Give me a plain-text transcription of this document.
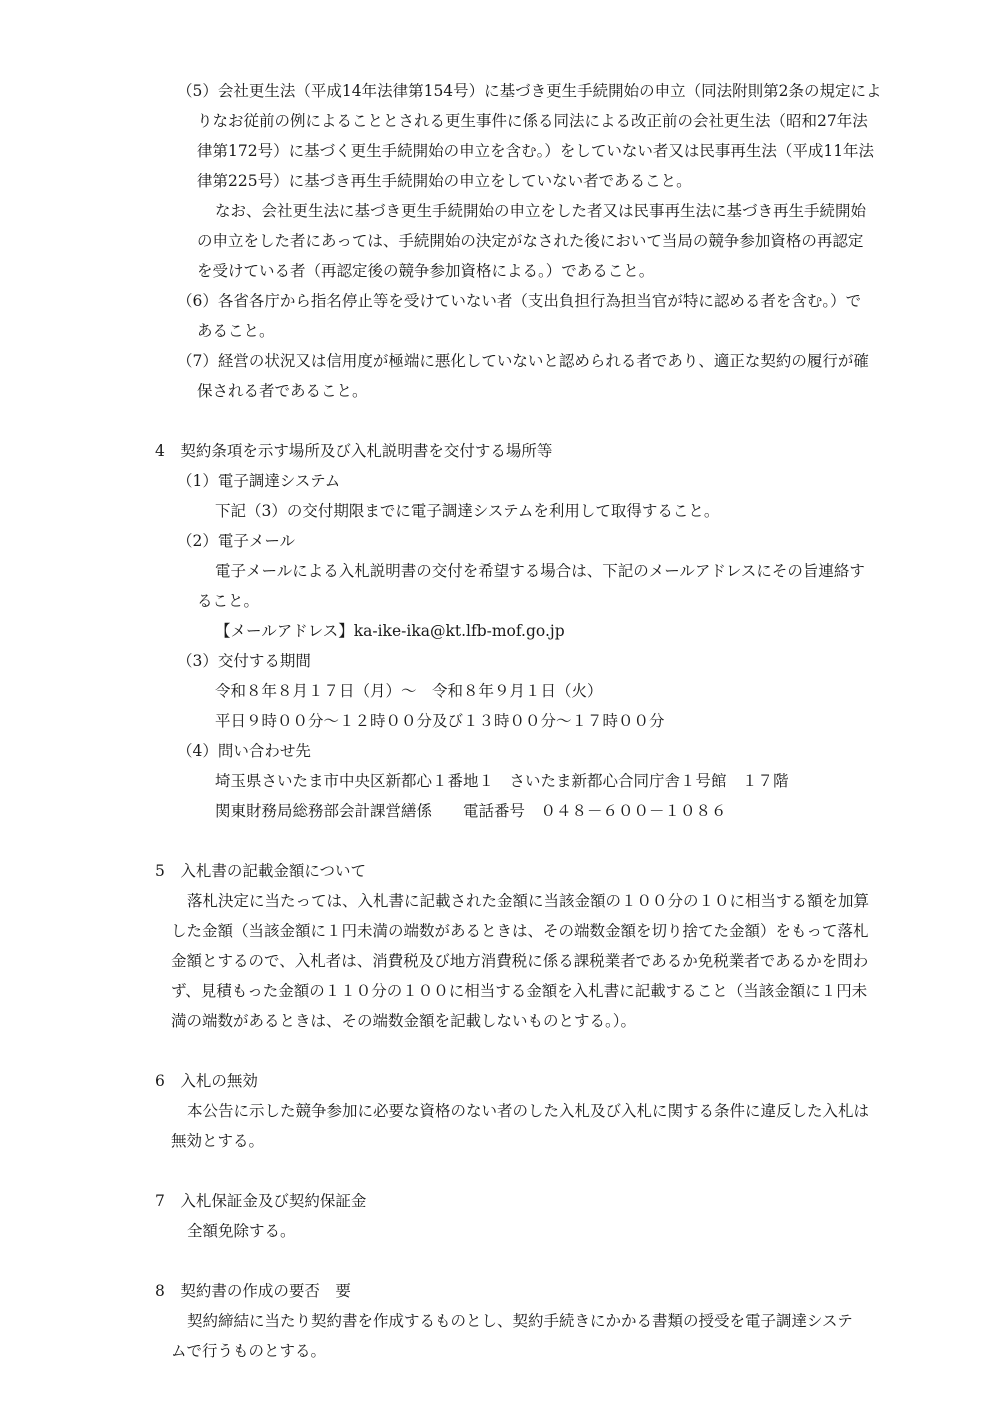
（5）会社更生法（平成14年法律第154号）に基づき更生手続開始の申立（同法附則第2条の規定によ
りなお従前の例によることとされる更生事件に係る同法による改正前の会社更生法（昭和27年法
律第172号）に基づく更生手続開始の申立を含む。）をしていない者又は民事再生法（平成11年法
律第225号）に基づき再生手続開始の申立をしていない者であること。
なお、会社更生法に基づき更生手続開始の申立をした者又は民事再生法に基づき再生手続開始
の申立をした者にあっては、手続開始の決定がなされた後において当局の競争参加資格の再認定
を受けている者（再認定後の競争参加資格による。）であること。
（6）各省各庁から指名停止等を受けていない者（支出負担行為担当官が特に認める者を含む。）で
あること。
（7）経営の状況又は信用度が極端に悪化していないと認められる者であり、適正な契約の履行が確
保される者であること。
4　契約条項を示す場所及び入札説明書を交付する場所等
（1）電子調達システム
下記（3）の交付期限までに電子調達システムを利用して取得すること。
（2）電子メール
電子メールによる入札説明書の交付を希望する場合は、下記のメールアドレスにその旨連絡す
ること。
【メールアドレス】ka-ike-ika@kt.lfb-mof.go.jp
（3）交付する期間
令和８年８月１７日（月）～　令和８年９月１日（火）
平日９時００分～１２時００分及び１３時００分～１７時００分
（4）問い合わせ先
埼玉県さいたま市中央区新都心１番地１　さいたま新都心合同庁舎１号館　１７階
関東財務局総務部会計課営繕係　　電話番号　０４８－６００－１０８６
5　入札書の記載金額について
落札決定に当たっては、入札書に記載された金額に当該金額の１００分の１０に相当する額を加算
した金額（当該金額に１円未満の端数があるときは、その端数金額を切り捨てた金額）をもって落札
金額とするので、入札者は、消費税及び地方消費税に係る課税業者であるか免税業者であるかを問わ
ず、見積もった金額の１１０分の１００に相当する金額を入札書に記載すること（当該金額に１円未
満の端数があるときは、その端数金額を記載しないものとする。）。
6　入札の無効
本公告に示した競争参加に必要な資格のない者のした入札及び入札に関する条件に違反した入札は
無効とする。
7　入札保証金及び契約保証金
全額免除する。
8　契約書の作成の要否　要
契約締結に当たり契約書を作成するものとし、契約手続きにかかる書類の授受を電子調達システ
ムで行うものとする。
